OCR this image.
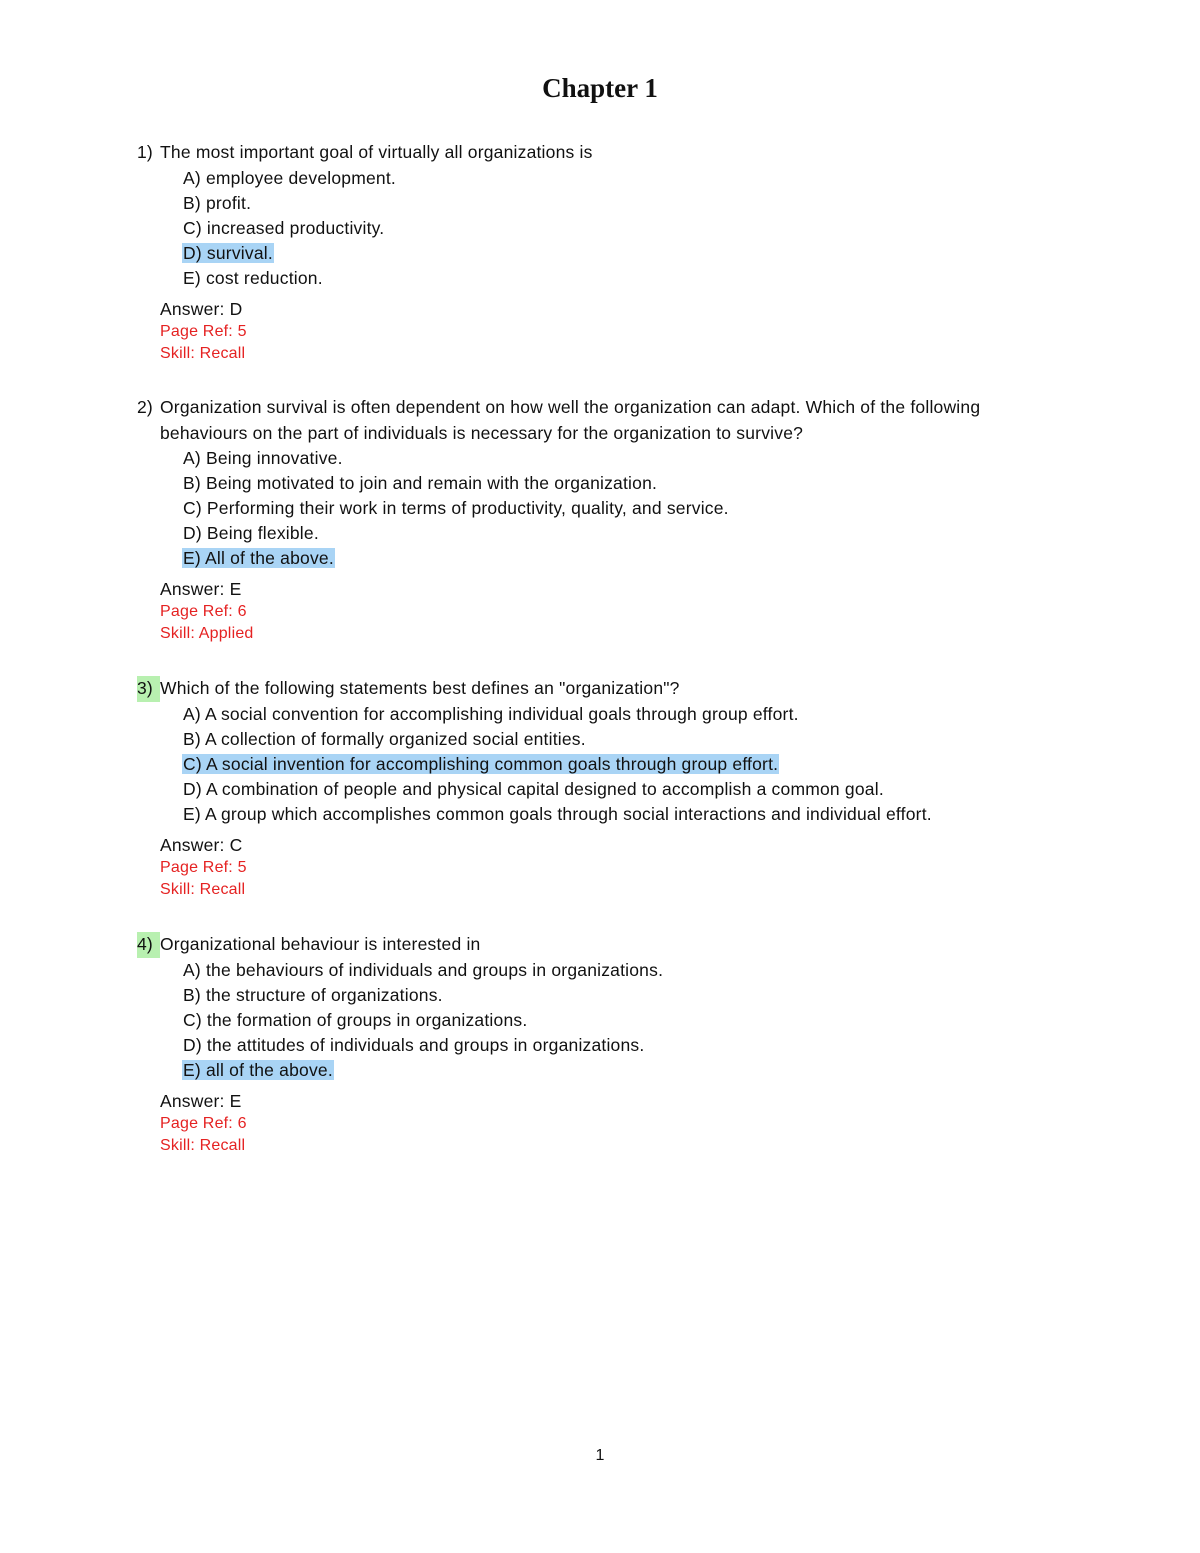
Chapter 1
1) The most important goal of virtually all organizations is
A) employee development.
B) profit.
C) increased productivity.
D) survival.
E) cost reduction.
Answer: D
Page Ref: 5
Skill: Recall
2) Organization survival is often dependent on how well the organization can adapt. Which of the following behaviours on the part of individuals is necessary for the organization to survive?
A) Being innovative.
B) Being motivated to join and remain with the organization.
C) Performing their work in terms of productivity, quality, and service.
D) Being flexible.
E) All of the above.
Answer: E
Page Ref: 6
Skill: Applied
3) Which of the following statements best defines an "organization"?
A) A social convention for accomplishing individual goals through group effort.
B) A collection of formally organized social entities.
C) A social invention for accomplishing common goals through group effort.
D) A combination of people and physical capital designed to accomplish a common goal.
E) A group which accomplishes common goals through social interactions and individual effort.
Answer: C
Page Ref: 5
Skill: Recall
4) Organizational behaviour is interested in
A) the behaviours of individuals and groups in organizations.
B) the structure of organizations.
C) the formation of groups in organizations.
D) the attitudes of individuals and groups in organizations.
E) all of the above.
Answer: E
Page Ref: 6
Skill: Recall
1
